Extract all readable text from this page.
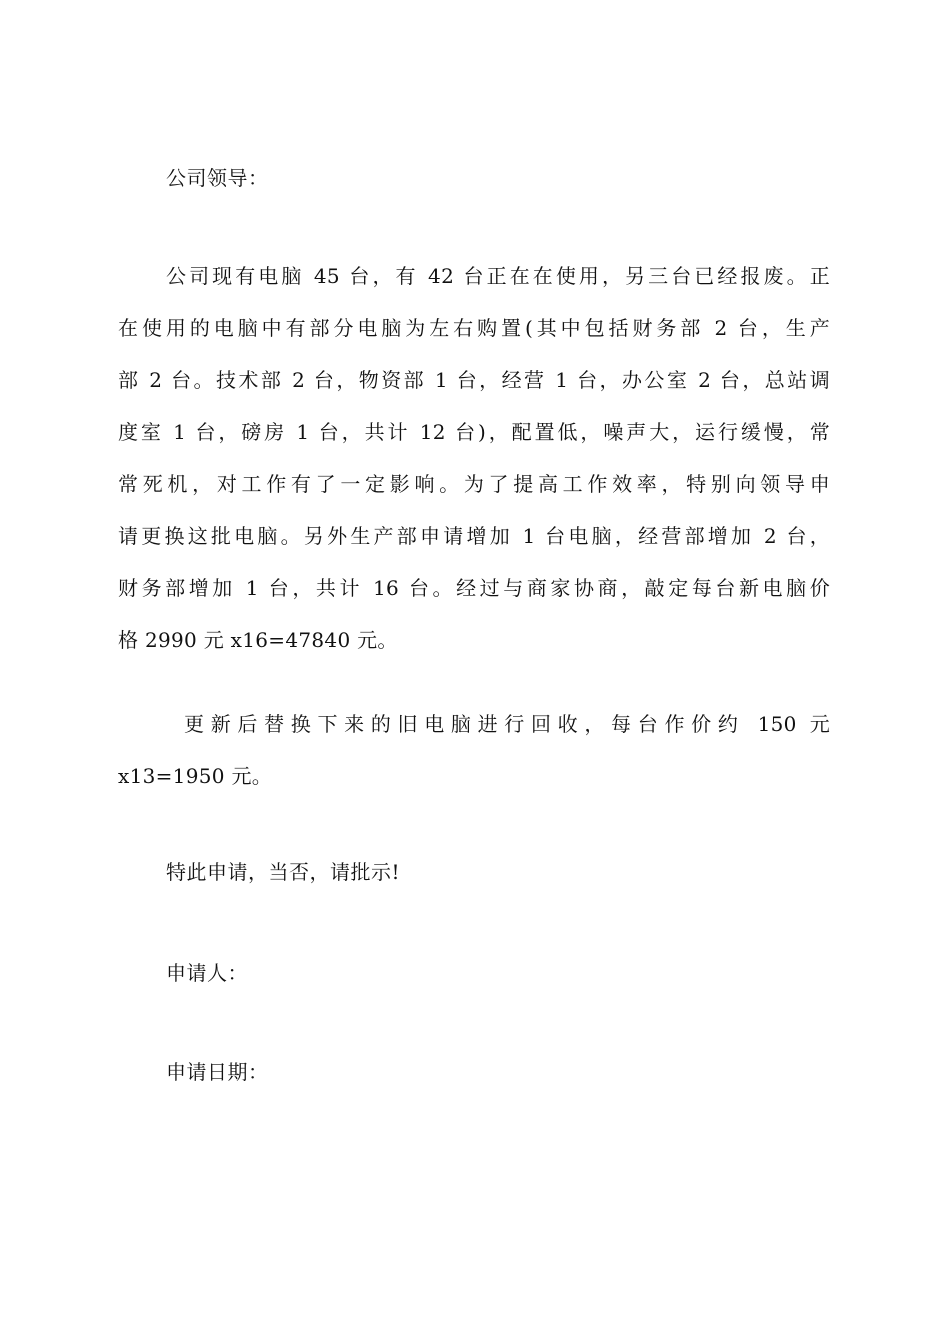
公司领导：
公司现有电脑 45 台，有 42 台正在在使用，另三台已经报废。正
在使用的电脑中有部分电脑为左右购置(其中包括财务部 2 台，生产
部 2 台。技术部 2 台，物资部 1 台，经营 1 台，办公室 2 台，总站调
度室 1 台，磅房 1 台，共计 12 台)，配置低，噪声大，运行缓慢，常
常死机，对工作有了一定影响。为了提高工作效率，特别向领导申
请更换这批电脑。另外生产部申请增加 1 台电脑，经营部增加 2 台，
财务部增加 1 台，共计 16 台。经过与商家协商，敲定每台新电脑价
格 2990 元 x16=47840 元。
更新后替换下来的旧电脑进行回收，每台作价约 150 元
x13=1950 元。
特此申请，当否，请批示!
申请人：
申请日期：
